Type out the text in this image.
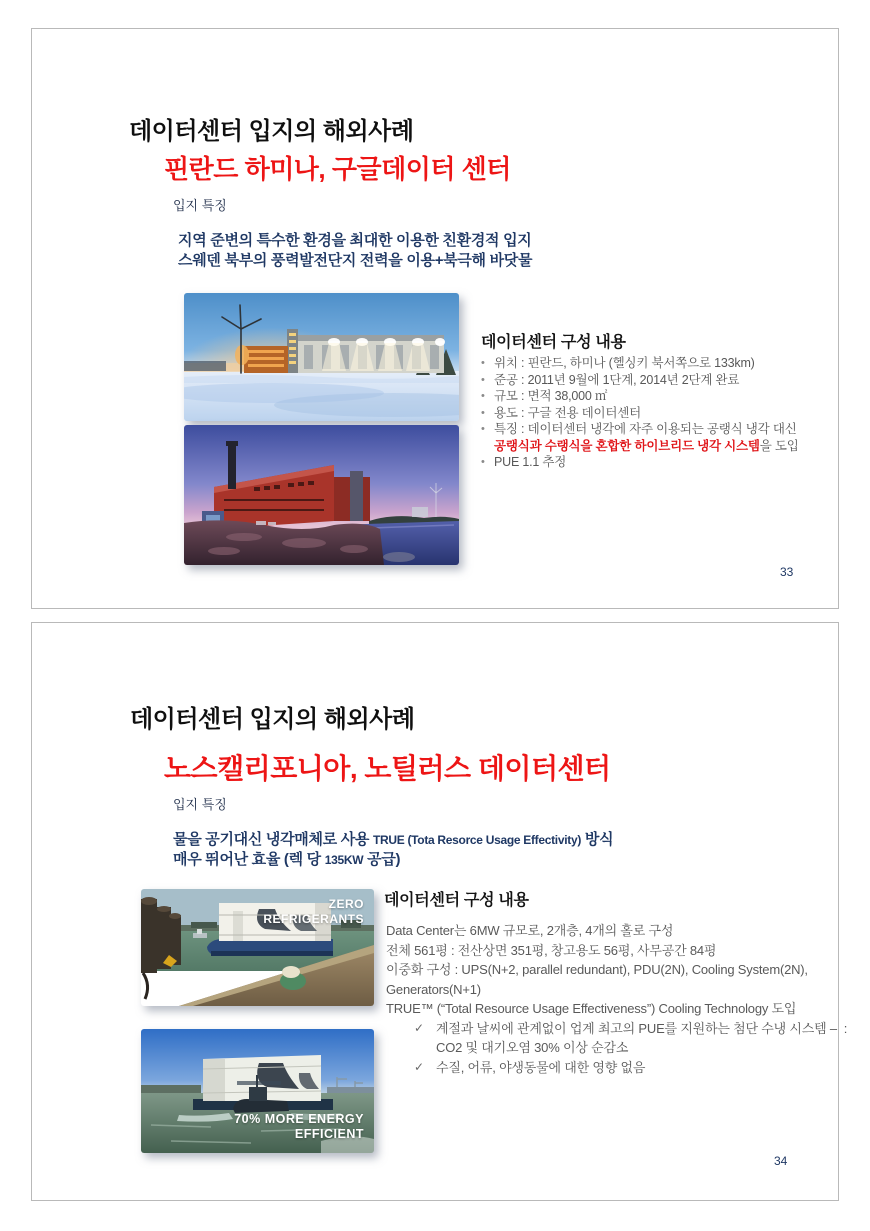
데이터센터 입지의 해외사례
핀란드 하미나, 구글데이터 센터
입지 특징
지역 준변의 특수한 환경을 최대한 이용한 친환경적 입지
스웨덴 북부의 풍력발전단지 전력을 이용+북극해 바닷물
데이터센터 구성 내용
• 위치 : 핀란드, 하미나 (헬싱키 북서쪽으로 133km)
• 준공 : 2011년 9월에 1단계, 2014년 2단계 완료
• 규모 : 면적 38,000 ㎡
• 용도 : 구글 전용 데이터센터
• 특징 : 데이터센터 냉각에 자주 이용되는 공랭식 냉각 대신
공랭식과 수랭식을 혼합한 하이브리드 냉각 시스템을 도입
• PUE 1.1 추정
33
데이터센터 입지의 해외사례
노스캘리포니아, 노틸러스 데이터센터
입지 특징
물을 공기대신 냉각매체로 사용 TRUE (Tota Resorce Usage Effectivity) 방식
매우 뛰어난 효율 (렉 당 135KW 공급)
ZERO REFRIGERANTS
70% MORE ENERGY EFFICIENT
데이터센터 구성 내용
Data Center는 6MW 규모로, 2개층, 4개의 홀로 구성
전체 561평 : 전산상면 351평, 창고용도 56평, 사무공간 84평
이중화 구성 : UPS(N+2, parallel redundant), PDU(2N), Cooling System(2N),
Generators(N+1)
TRUE™ (“Total Resource Usage Effectiveness”) Cooling Technology 도입
✓ 계절과 날씨에 관계없이 업계 최고의 PUE를 지원하는 첨단 수냉 시스템 –  :
CO2 및 대기오염 30% 이상 순감소
✓ 수질, 어류, 야생동물에 대한 영향 없음
34
